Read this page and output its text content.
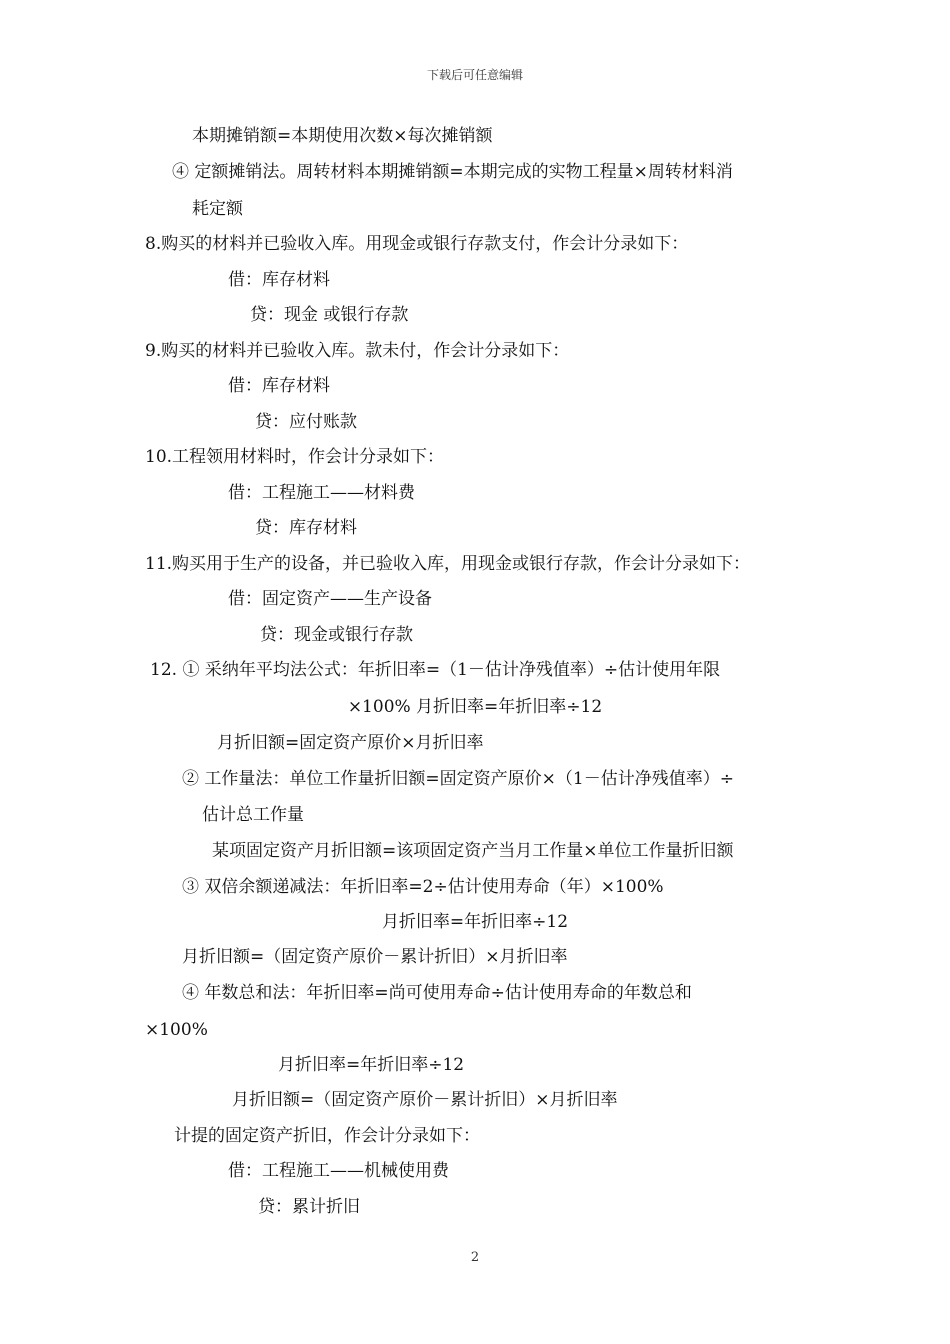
下载后可任意编辑
本期摊销额=本期使用次数×每次摊销额
④ 定额摊销法。周转材料本期摊销额=本期完成的实物工程量×周转材料消
耗定额
8.购买的材料并已验收入库。用现金或银行存款支付，作会计分录如下：
借：库存材料
贷：现金 或银行存款
9.购买的材料并已验收入库。款未付，作会计分录如下：
借：库存材料
贷：应付账款
10.工程领用材料时，作会计分录如下：
借：工程施工——材料费
贷：库存材料
11.购买用于生产的设备，并已验收入库，用现金或银行存款，作会计分录如下：
借：固定资产——生产设备
贷：现金或银行存款
12. ① 采纳年平均法公式：年折旧率=（1－估计净残值率）÷估计使用年限
×100% 月折旧率=年折旧率÷12
月折旧额=固定资产原价×月折旧率
② 工作量法：单位工作量折旧额=固定资产原价×（1－估计净残值率）÷
估计总工作量
某项固定资产月折旧额=该项固定资产当月工作量×单位工作量折旧额
③ 双倍余额递减法：年折旧率=2÷估计使用寿命（年）×100%
月折旧率=年折旧率÷12
月折旧额=（固定资产原价－累计折旧）×月折旧率
④ 年数总和法：年折旧率=尚可使用寿命÷估计使用寿命的年数总和
×100%
月折旧率=年折旧率÷12
月折旧额=（固定资产原价－累计折旧）×月折旧率
计提的固定资产折旧，作会计分录如下：
借：工程施工——机械使用费
贷：累计折旧
2
